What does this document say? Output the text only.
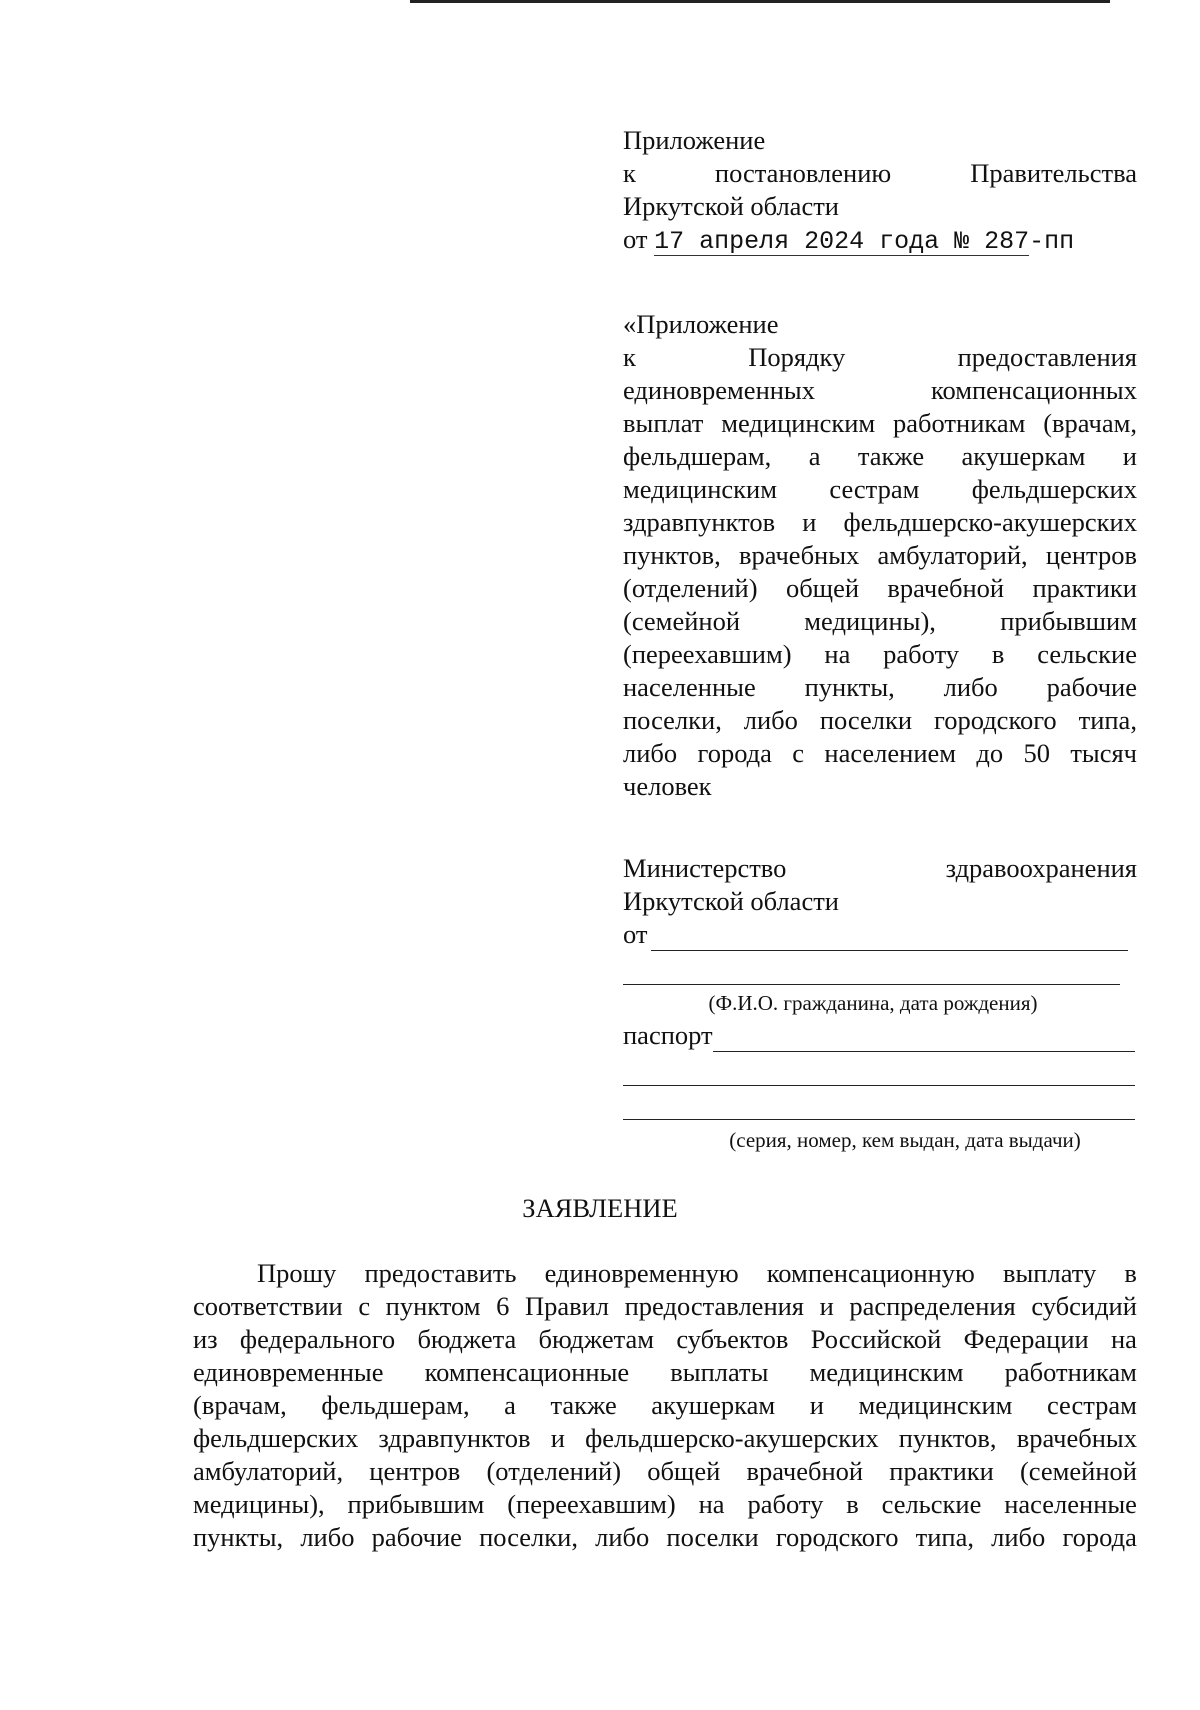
Приложение
к	постановлению	Правительства
Иркутской области
от 17 апреля 2024 года № 287-пп
«Приложение
к	Порядку	предоставления
единовременных	компенсационных
выплат медицинским работникам (врачам,
фельдшерам, а также акушеркам и
медицинским сестрам фельдшерских
здравпунктов и фельдшерско-акушерских
пунктов, врачебных амбулаторий, центров
(отделений) общей врачебной практики
(семейной медицины), прибывшим
(переехавшим) на работу в сельские
населенные пункты, либо рабочие
поселки, либо поселки городского типа,
либо города с населением до 50 тысяч
человек
Министерство	здравоохранения
Иркутской области
от
(Ф.И.О. гражданина, дата рождения)
паспорт
(серия, номер, кем выдан, дата выдачи)
ЗАЯВЛЕНИЕ
Прошу предоставить единовременную компенсационную выплату в
соответствии с пунктом 6 Правил предоставления и распределения субсидий
из федерального бюджета бюджетам субъектов Российской Федерации на
единовременные компенсационные выплаты медицинским работникам
(врачам, фельдшерам, а также акушеркам и медицинским сестрам
фельдшерских здравпунктов и фельдшерско-акушерских пунктов, врачебных
амбулаторий, центров (отделений) общей врачебной практики (семейной
медицины), прибывшим (переехавшим) на работу в сельские населенные
пункты, либо рабочие поселки, либо поселки городского типа, либо города
